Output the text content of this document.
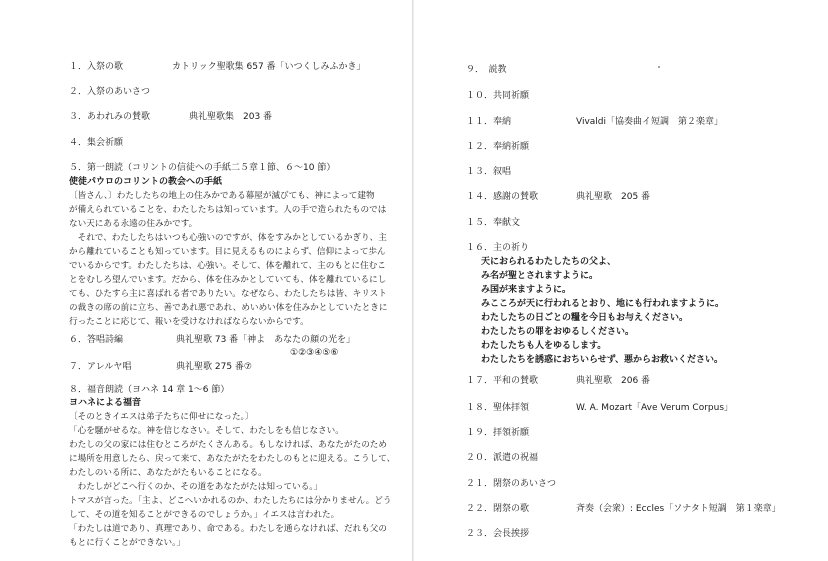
１．入祭の歌	カトリック聖歌集 657 番「いつくしみふかき」
２．入祭のあいさつ
３．あわれみの賛歌	典礼聖歌集　203 番
４．集会祈願
５．第一朗読（コリントの信徒への手紙二５章１節、６～10 節）
使徒パウロのコリントの教会への手紙
〔皆さん、〕わたしたちの地上の住みかである幕屋が滅びても、神によって建物
が備えられていることを、わたしたちは知っています。人の手で造られたものでは
ない天にある永遠の住みかです。
　それで、わたしたちはいつも心強いのですが、体をすみかとしているかぎり、主
から離れていることも知っています。目に見えるものによらず、信仰によって歩ん
でいるからです。わたしたちは、心強い。そして、体を離れて、主のもとに住むこ
とをむしろ望んでいます。だから、体を住みかとしていても、体を離れているにし
ても、ひたすら主に喜ばれる者でありたい。なぜなら、わたしたちは皆、キリスト
の裁きの席の前に立ち、善であれ悪であれ、めいめい体を住みかとしていたときに
行ったことに応じて、報いを受けなければならないからです。
６．答唱詩編	典礼聖歌 73 番「神よ　あなたの顔の光を」
①②③④⑤⑥
７．アレルヤ唱	典礼聖歌 275 番⑦
８．福音朗読（ヨハネ 14 章 1～6 節）
ヨハネによる福音
〔そのときイエスは弟子たちに仰せになった。〕
「心を騒がせるな。神を信じなさい。そして、わたしをも信じなさい。
わたしの父の家には住むところがたくさんある。もしなければ、あなたがたのため
に場所を用意したら、戻って来て、あなたがたをわたしのもとに迎える。こうして、
わたしのいる所に、あなたがたもいることになる。
　わたしがどこへ行くのか、その道をあなたがたは知っている。」
トマスが言った。「主よ、どこへいかれるのか、わたしたちには分かりません。どう
して、その道を知ることができるのでしょうか。」イエスは言われた。
「わたしは道であり、真理であり、命である。わたしを通らなければ、だれも父の
もとに行くことができない。」
９．　説教
１０．共同祈願
１１．奉納	Vivaldi「協奏曲イ短調　第２楽章」
１２．奉納祈願
１３．叙唱
１４．感謝の賛歌	典礼聖歌　205 番
１５．奉献文
１６．主の祈り
天におられるわたしたちの父よ、
み名が聖とされますように。
み国が来ますように。
みこころが天に行われるとおり、地にも行われますように。
わたしたちの日ごとの糧を今日もお与えください。
わたしたちの罪をおゆるしください。
わたしたちも人をゆるします。
わたしたちを誘惑におちいらせず、悪からお救いください。
１７．平和の賛歌	典礼聖歌　206 番
１８．聖体拝領	W. A. Mozart「Ave Verum Corpus」
１９．拝領祈願
２０．派遣の祝福
２１．閉祭のあいさつ
２２．閉祭の歌	斉奏（会衆）: Eccles「ソナタト短調　第１楽章」
２３．会長挨拶
